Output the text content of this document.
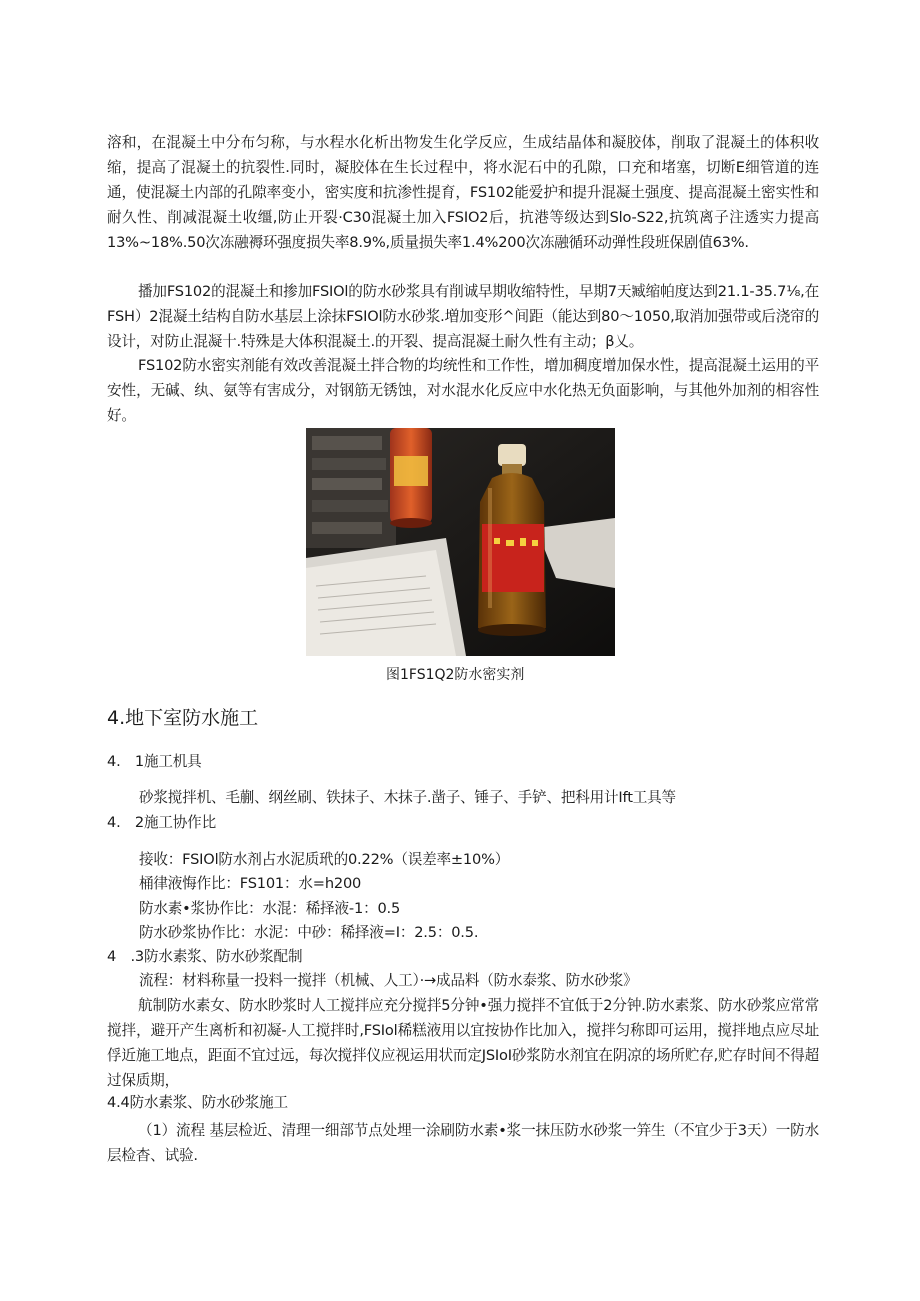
溶和，在混凝土中分布匀称，与水程水化析出物发生化学反应，生成结晶体和凝胶体，削取了混凝土的体积收缩，提高了混凝土的抗裂性.同时，凝胶体在生长过程中，将水泥石中的孔隙，口充和堵塞，切断E细管道的连通，使混凝土内部的孔隙率变小，密实度和抗渗性提育，FS102能爱护和提升混凝土强度、提高混凝土密实性和耐久性、削减混凝土收缰,防止开裂·C30混凝土加入FSIO2后，抗港等级达到Slo-S22,抗筑离子注透实力提高13%~18%.50次冻融褥环强度损失率8.9%,质量损失率1.4%200次冻融循环动弹性段班保剧值63%.
播加FS102的混凝土和掺加FSIOl的防水砂浆具有削诚早期收缩特性，早期7天臧缩帕度达到21.1-35.7⅛,在FSH）2混凝土结构自防水基层上涂抹FSIOl防水砂浆.増加变形^间距（能达到80～1050,取消加强带或后浇帘的设计，对防止混凝十.特殊是大体积混凝土.的开裂、提高混凝土耐久性有主动；β乂。
FS102防水密实剂能有效改善混凝土拌合物的均统性和工作性，增加稠度增加保水性，提高混凝土运用的平安性，无碱、纨、氨等有害成分，对钢筋无锈蚀，对水混水化反应中水化热无负面影响，与其他外加剂的相容性好。
图1FS1Q2防水密实剂
4.地下室防水施工
4.　1施工机具
砂浆搅拌机、毛蒯、纲丝刷、铁抹子、木抹子.凿子、锤子、手铲、把科用计Ift工具等
4.　2施工协作比
接收：FSIOl防水剂占水泥质玳的0.22%（误差率±10%）
桶律液悔作比：FS101：水=h200
防水素•浆协作比：水混：稀择液-1：0.5
防水砂浆协作比：水泥：中砂：稀择液=I：2.5：0.5.
4　.3防水素浆、防水砂浆配制
流程：材料称量一投料一搅拌（机械、人工）·→成品料（防水泰浆、防水砂浆》
航制防水素女、防水眇浆时人工搅拌应充分搅拌5分钟•强力搅拌不宜低于2分钟.防水素浆、防水砂浆应常常搅拌，避开产生离析和初凝-人工搅拌时,FSIol稀糕液用以宜按协作比加入，搅拌匀称即可运用，搅拌地点应尽址俘近施工地点，距面不宜过远，每次搅拌仪应视运用状而定JSIoI砂浆防水剂宜在阴凉的场所贮存,贮存时间不得超过保质期，
4.4防水素浆、防水砂浆施工
（1）流程 基层检近、清理一细部节点处埋一涂刷防水素•浆一抹压防水砂浆一笄生（不宜少于3天）一防水层检杳、试验.
